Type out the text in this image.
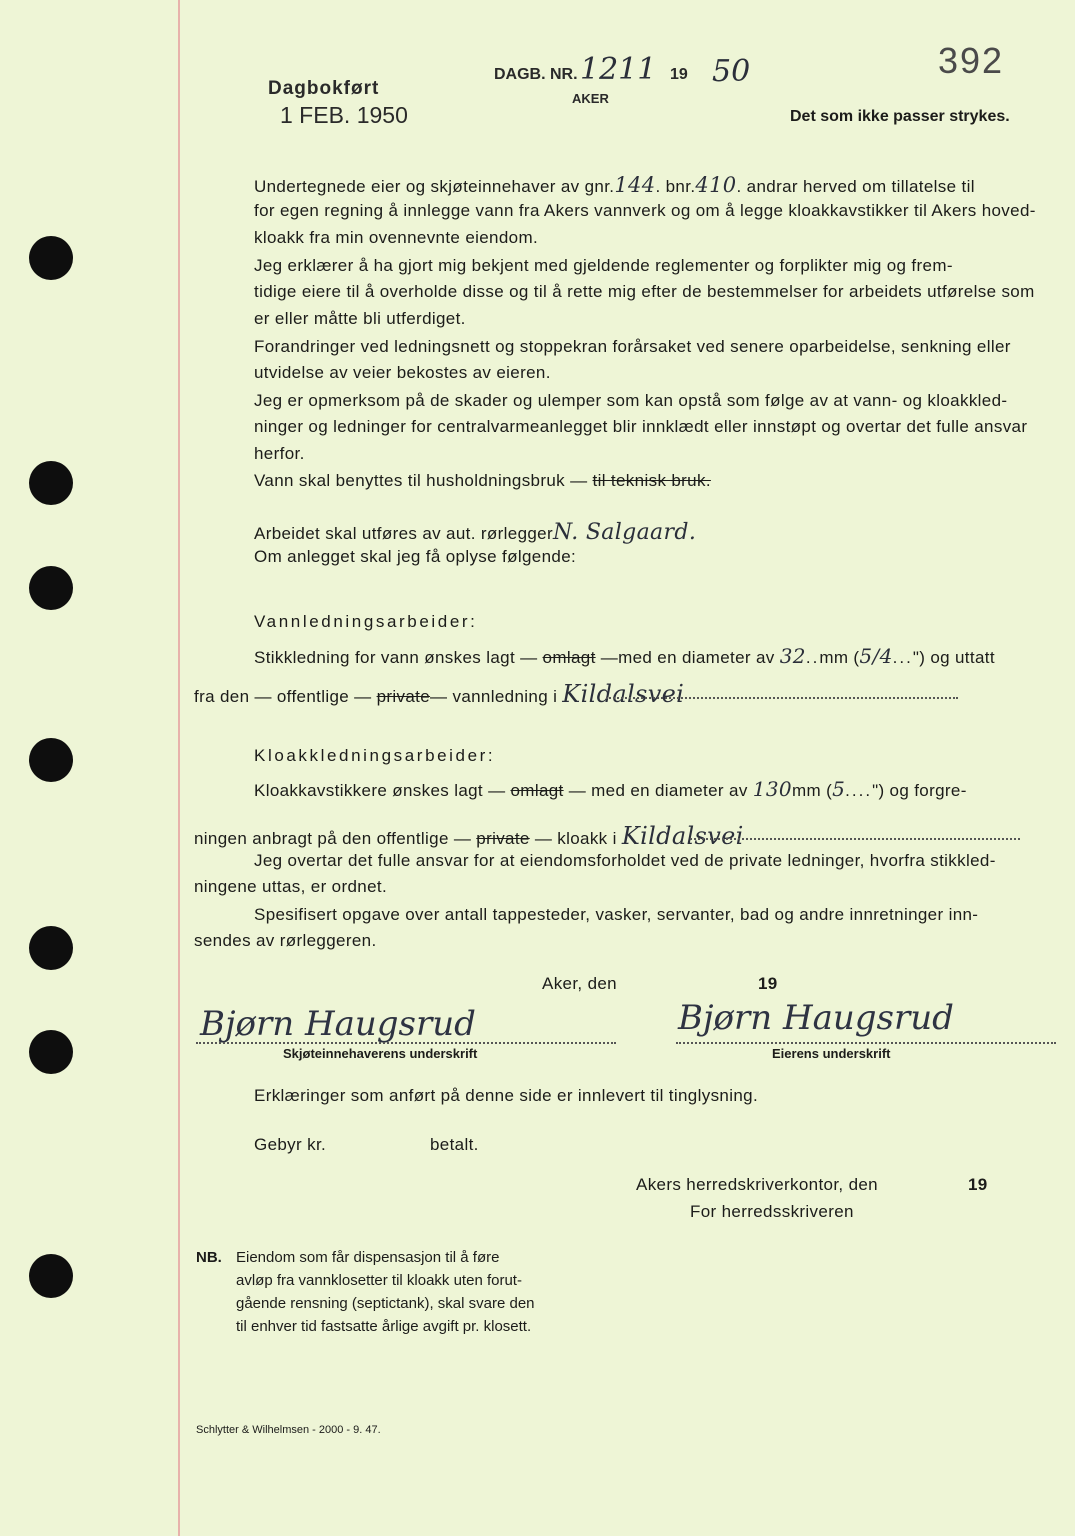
Dagbokført
1 FEB. 1950
DAGB. NR. 1211 19 50
AKER
392
Det som ikke passer strykes.
Undertegnede eier og skjøteinnehaver av gnr.144. bnr.410. andrar herved om tillatelse til
for egen regning å innlegge vann fra Akers vannverk og om å legge kloakkavstikker til Akers hoved-
kloakk fra min ovennevnte eiendom.
Jeg erklærer å ha gjort mig bekjent med gjeldende reglementer og forplikter mig og frem-
tidige eiere til å overholde disse og til å rette mig efter de bestemmelser for arbeidets utførelse som
er eller måtte bli utferdiget.
Forandringer ved ledningsnett og stoppekran forårsaket ved senere oparbeidelse, senkning eller
utvidelse av veier bekostes av eieren.
Jeg er opmerksom på de skader og ulemper som kan opstå som følge av at vann- og kloakkled-
ninger og ledninger for centralvarmeanlegget blir innklædt eller innstøpt og overtar det fulle ansvar
herfor.
Vann skal benyttes til husholdningsbruk — til teknisk bruk.
Arbeidet skal utføres av aut. rørleggerN. Salgaard.
Om anlegget skal jeg få oplyse følgende:
Vannledningsarbeider:
Stikkledning for vann ønskes lagt — omlagt —med en diameter av 32..mm (5/4...") og uttatt
fra den — offentlige — private— vannledning i Kildalsvei
Kloakkledningsarbeider:
Kloakkavstikkere ønskes lagt — omlagt — med en diameter av 130mm (5....") og forgre-
ningen anbragt på den offentlige — private — kloakk i Kildalsvei
Jeg overtar det fulle ansvar for at eiendomsforholdet ved de private ledninger, hvorfra stikkled-
ningene uttas, er ordnet.
Spesifisert opgave over antall tappesteder, vasker, servanter, bad og andre innretninger inn-
sendes av rørleggeren.
Aker, den	19
Bjørn Haugsrud	Bjørn Haugsrud
Skjøteinnehaverens underskrift	Eierens underskrift
Erklæringer som anført på denne side er innlevert til tinglysning.
Gebyr kr.	betalt.
Akers herredskriverkontor, den	19
For herredsskriveren
NB. Eiendom som får dispensasjon til å føre
avløp fra vannklosetter til kloakk uten forut-
gående rensning (septictank), skal svare den
til enhver tid fastsatte årlige avgift pr. klosett.
Schlytter & Wilhelmsen - 2000 - 9. 47.
